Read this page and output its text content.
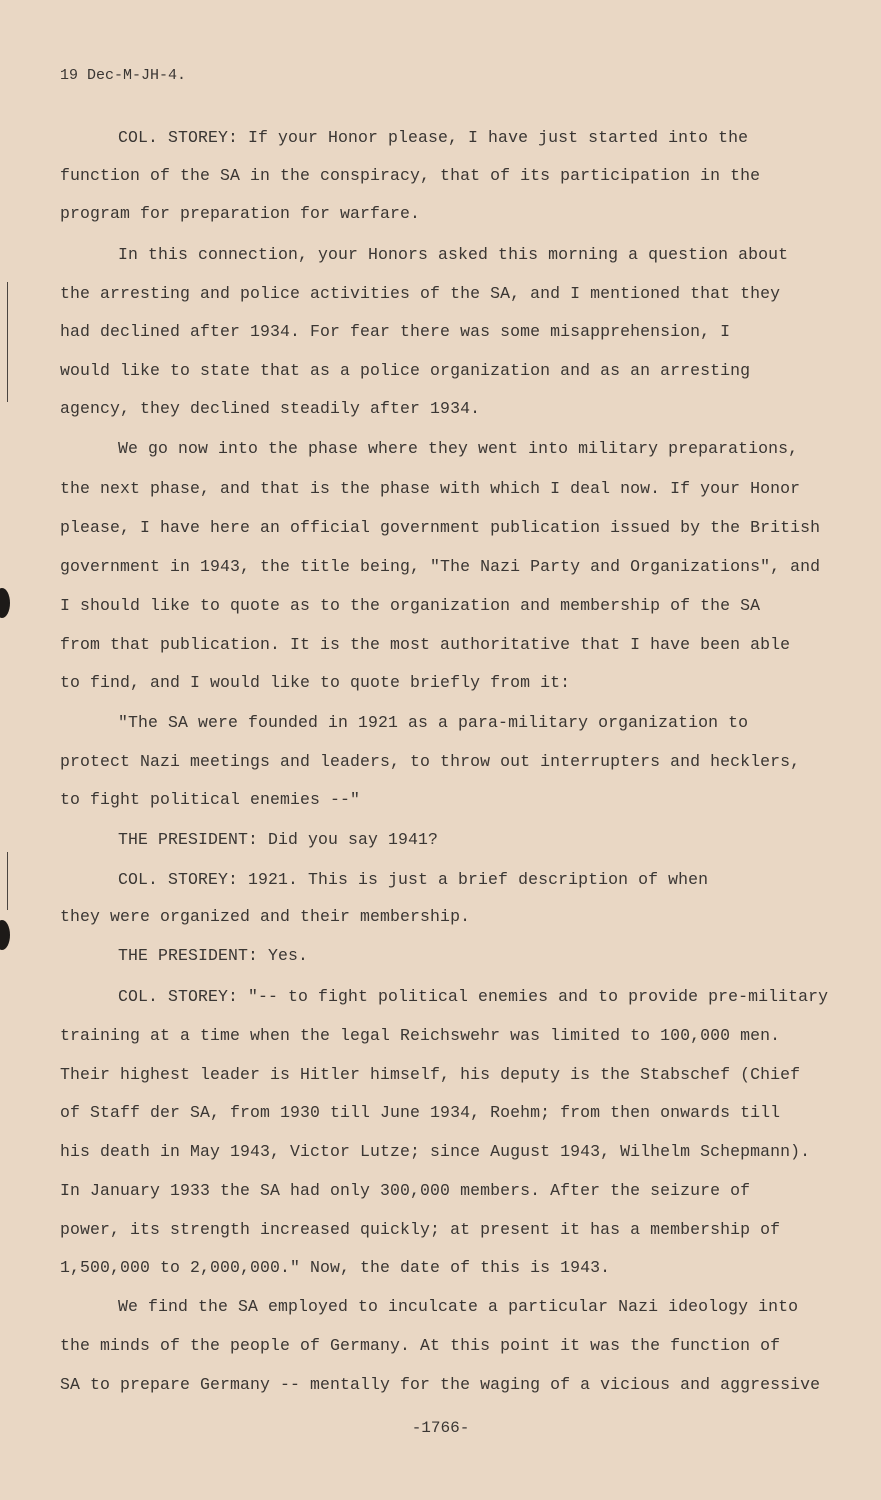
19 Dec-M-JH-4.
COL. STOREY: If your Honor please, I have just started into the
function of the SA in the conspiracy, that of its participation in the
program for preparation for warfare.
In this connection, your Honors asked this morning a question about
the arresting and police activities of the SA, and I mentioned that they
had declined after 1934. For fear there was some misapprehension, I
would like to state that as a police organization and as an arresting
agency, they declined steadily after 1934.
We go now into the phase where they went into military preparations,
the next phase, and that is the phase with which I deal now. If your Honor
please, I have here an official government publication issued by the British
government in 1943, the title being, "The Nazi Party and Organizations", and
I should like to quote as to the organization and membership of the SA
from that publication. It is the most authoritative that I have been able
to find, and I would like to quote briefly from it:
"The SA were founded in 1921 as a para-military organization to
protect Nazi meetings and leaders, to throw out interrupters and hecklers,
to fight political enemies --"
THE PRESIDENT: Did you say 1941?
COL. STOREY: 1921. This is just a brief description of when
they were organized and their membership.
THE PRESIDENT: Yes.
COL. STOREY: "-- to fight political enemies and to provide pre-military
training at a time when the legal Reichswehr was limited to 100,000 men.
Their highest leader is Hitler himself, his deputy is the Stabschef (Chief
of Staff der SA, from 1930 till June 1934, Roehm; from then onwards till
his death in May 1943, Victor Lutze; since August 1943, Wilhelm Schepmann).
In January 1933 the SA had only 300,000 members. After the seizure of
power, its strength increased quickly; at present it has a membership of
1,500,000 to 2,000,000." Now, the date of this is 1943.
We find the SA employed to inculcate a particular Nazi ideology into
the minds of the people of Germany. At this point it was the function of
SA to prepare Germany -- mentally for the waging of a vicious and aggressive
-1766-
